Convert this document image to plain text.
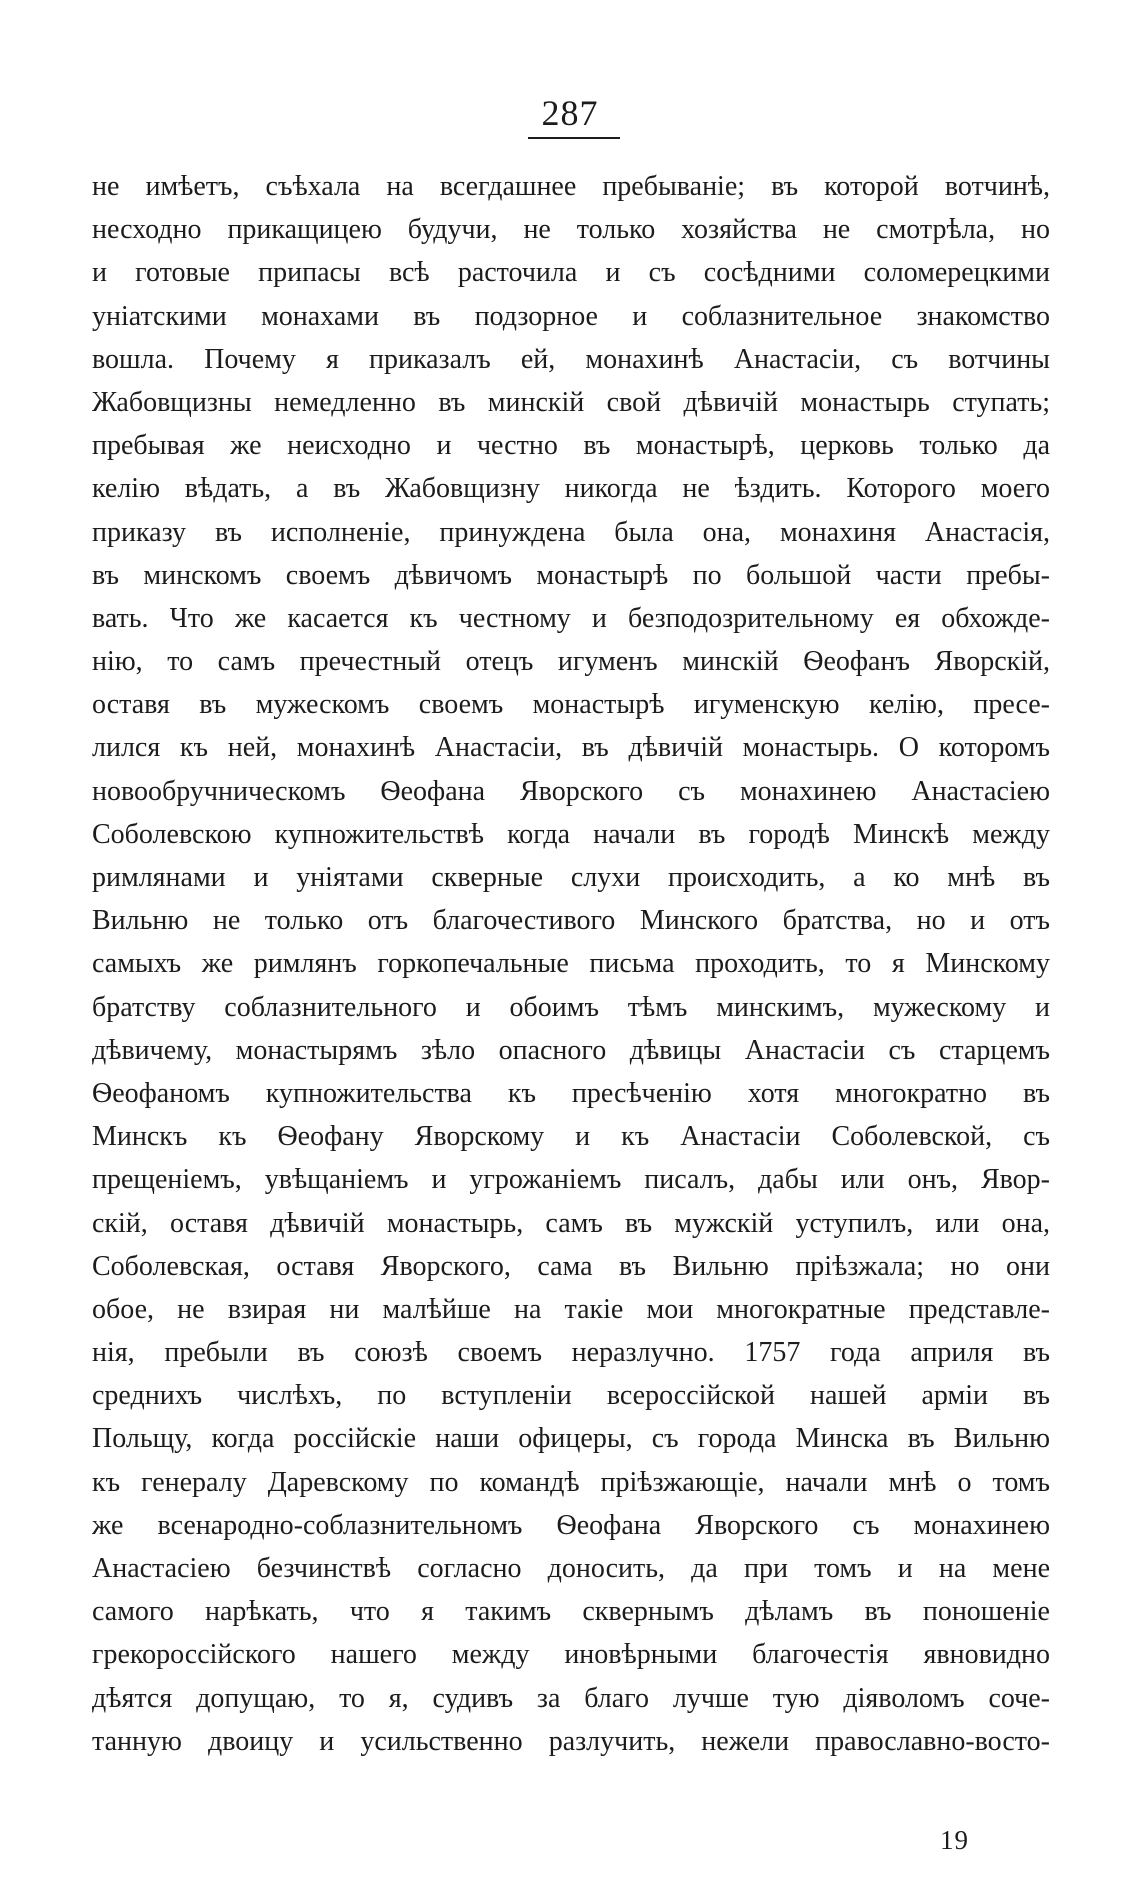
287
не имѣетъ, съѣхала на всегдашнее пребываніе; въ которой вотчинѣ,
несходно прикащицею будучи, не только хозяйства не смотрѣла, но
и готовые припасы всѣ расточила и съ сосѣдними соломерецкими
уніатскими монахами въ подзорное и соблазнительное знакомство
вошла. Почему я приказалъ ей, монахинѣ Анастасіи, съ вотчины
Жабовщизны немедленно въ минскій свой дѣвичій монастырь ступать;
пребывая же неисходно и честно въ монастырѣ, церковь только да
келію вѣдать, а въ Жабовщизну никогда не ѣздить. Которого моего
приказу въ исполненіе, принуждена была она, монахиня Анастасія,
въ минскомъ своемъ дѣвичомъ монастырѣ по большой части пребы-
вать. Что же касается къ честному и безподозрительному ея обхожде-
нію, то самъ пречестный отецъ игуменъ минскій Ѳеофанъ Яворскій,
оставя въ мужескомъ своемъ монастырѣ игуменскую келію, пресе-
лился къ ней, монахинѣ Анастасіи, въ дѣвичій монастырь. О которомъ
новообручническомъ Ѳеофана Яворского съ монахинею Анастасіею
Соболевскою купножительствѣ когда начали въ городѣ Минскѣ между
римлянами и уніятами скверные слухи происходить, а ко мнѣ въ
Вильню не только отъ благочестивого Минского братства, но и отъ
самыхъ же римлянъ горкопечальные письма проходить, то я Минскому
братству соблазнительного и обоимъ тѣмъ минскимъ, мужескому и
дѣвичему, монастырямъ зѣло опасного дѣвицы Анастасіи съ старцемъ
Ѳеофаномъ купножительства къ пресѣченію хотя многократно въ
Минскъ къ Ѳеофану Яворскому и къ Анастасіи Соболевской, съ
прещеніемъ, увѣщаніемъ и угрожаніемъ писалъ, дабы или онъ, Явор-
скій, оставя дѣвичій монастырь, самъ въ мужскій уступилъ, или она,
Соболевская, оставя Яворского, сама въ Вильню пріѣзжала; но они
обое, не взирая ни малѣйше на такіе мои многократные представле-
нія, пребыли въ союзѣ своемъ неразлучно. 1757 года априля въ
среднихъ числѣхъ, по вступленіи всероссійской нашей арміи въ
Польщу, когда россійскіе наши офицеры, съ города Минска въ Вильню
къ генералу Даревскому по командѣ пріѣзжающіе, начали мнѣ о томъ
же всенародно-соблазнительномъ Ѳеофана Яворского съ монахинею
Анастасіею безчинствѣ согласно доносить, да при томъ и на мене
самого нарѣкать, что я такимъ сквернымъ дѣламъ въ поношеніе
грекороссійского нашего между иновѣрными благочестія явновидно
дѣятся допущаю, то я, судивъ за благо лучше тую діяволомъ соче-
танную двоицу и усильственно разлучить, нежели православно-восто-
19
